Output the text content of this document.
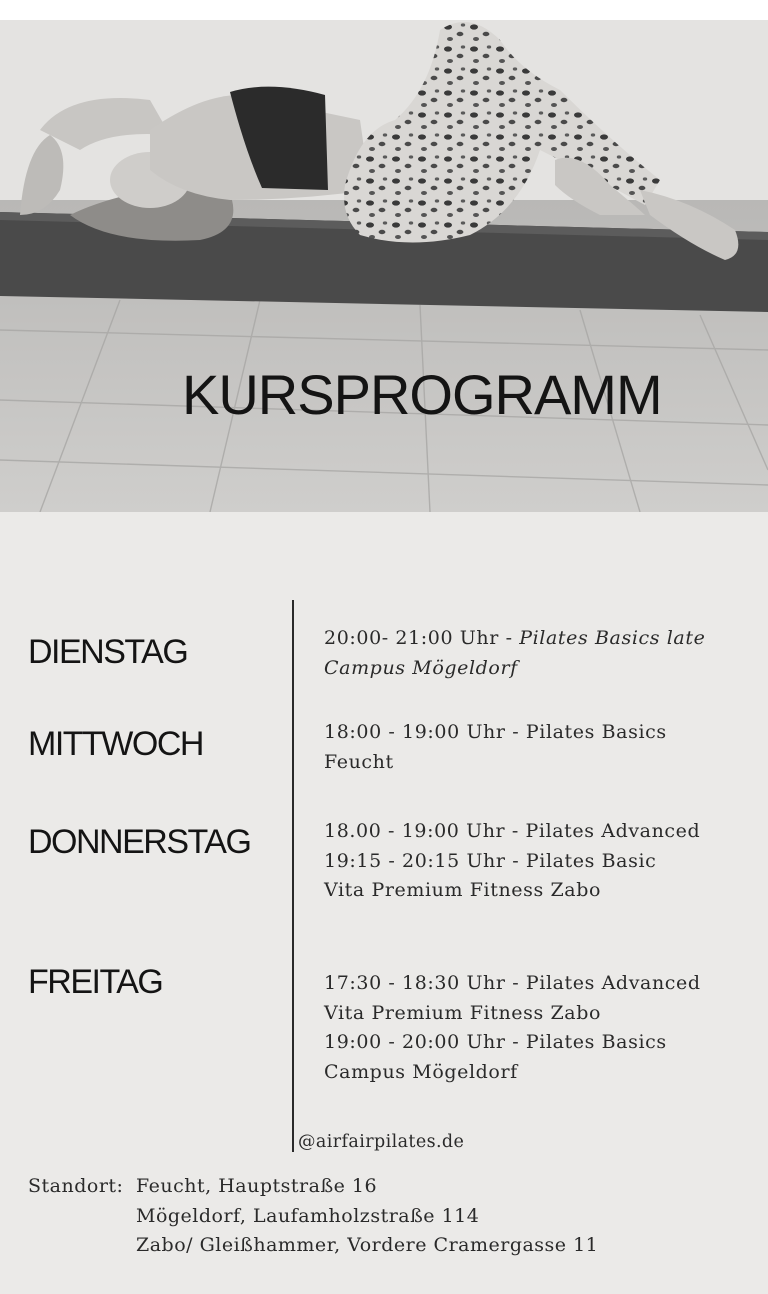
KURSPROGRAMM
DIENSTAG	20:00- 21:00 Uhr - Pilates Basics late
Campus Mögeldorf
MITTWOCH	18:00 - 19:00 Uhr - Pilates Basics
Feucht
DONNERSTAG	18.00 - 19:00 Uhr - Pilates Advanced
19:15 - 20:15 Uhr - Pilates Basic
Vita Premium Fitness Zabo
FREITAG	17:30 - 18:30 Uhr - Pilates Advanced
Vita Premium Fitness Zabo
19:00 - 20:00 Uhr - Pilates Basics
Campus Mögeldorf
@airfairpilates.de
Standort: Feucht, Hauptstraße 16
Mögeldorf, Laufamholzstraße 114
Zabo/ Gleißhammer, Vordere Cramergasse 11
